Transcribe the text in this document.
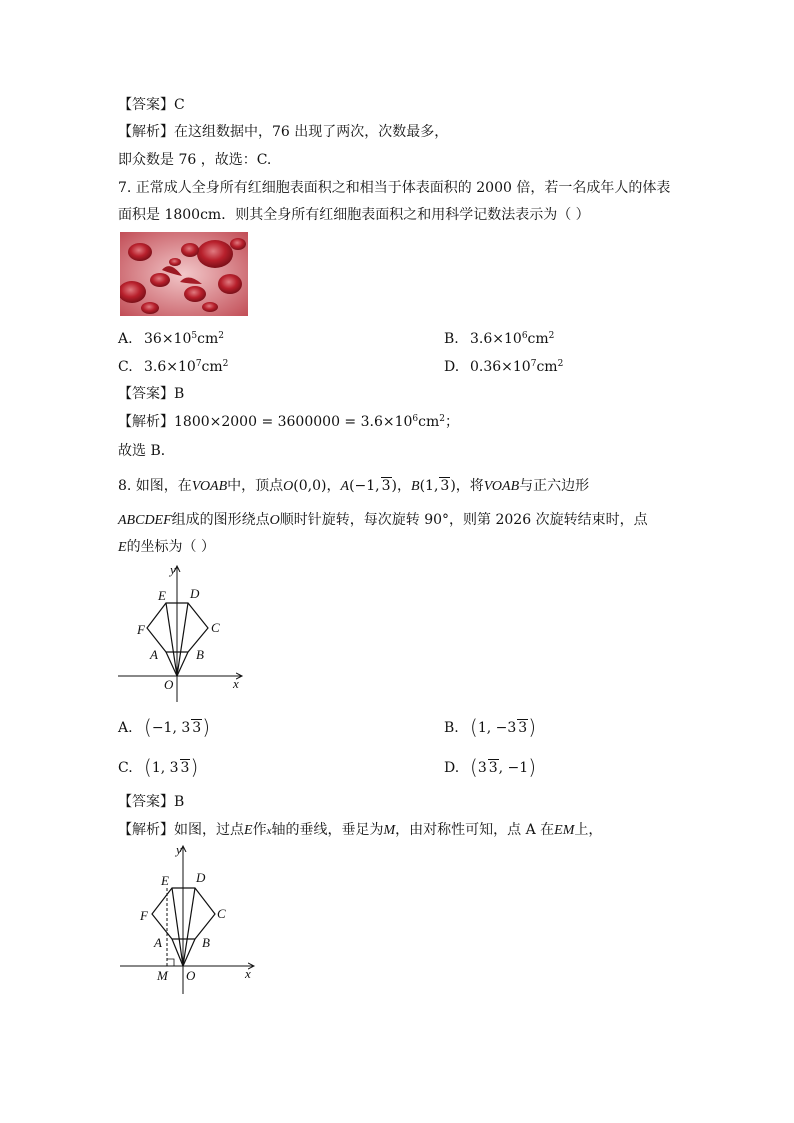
【答案】C
【解析】在这组数据中，76 出现了两次，次数最多，
即众数是 76 ，故选：C.
7. 正常成人全身所有红细胞表面积之和相当于体表面积的 2000 倍，若一名成年人的体表
面积是 1800cm．则其全身所有红细胞表面积之和用科学记数法表示为（ ）
A. $36\times 10^5cm^2$	B. $3.6\times 10^6cm^2$
C. $3.6\times 10^7cm^2$	D. $0.36\times 10^7cm^2$
【答案】B
【解析】$1800\times 2000 = 3600000 = 3.6\times 10^6cm^2$；
故选 B．
8. 如图，在VOAB中，顶点O(0,0)，A(−1, 3)，B(1, 3)，将VOAB与正六边形
ABCDEF组成的图形绕点O顺时针旋转，每次旋转 90°，则第 2026 次旋转结束时，点
E的坐标为（ ）
y
x
E D
F	C
A	B
O
A. (−1, 3 3)	B. (1, −3 3)
C. (1, 3 3)	D. (3 3, −1)
【答案】B
【解析】如图，过点E作x轴的垂线，垂足为M，由对称性可知，点 A 在EM上，
y
x
E D
F	C
A	B
M O
